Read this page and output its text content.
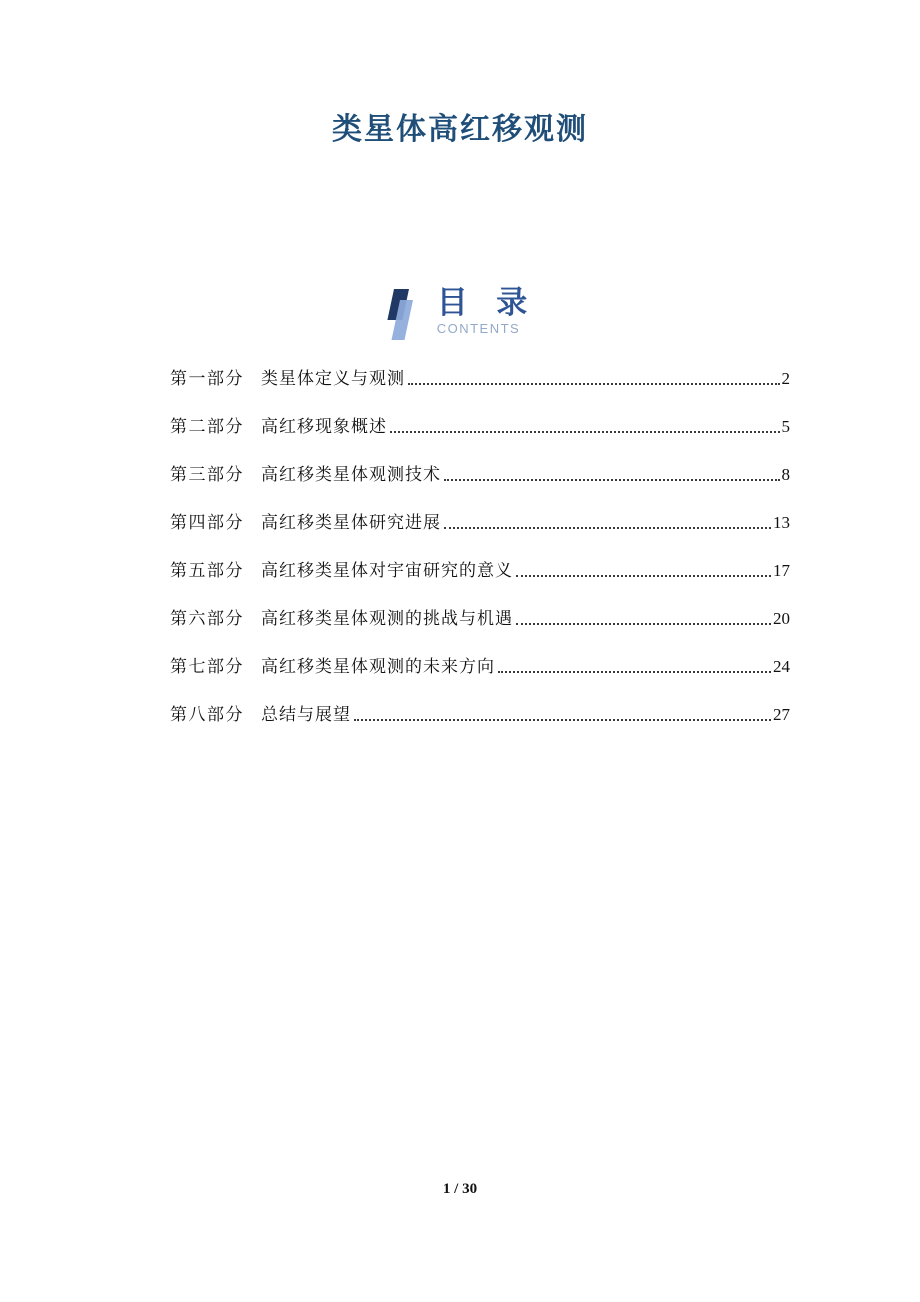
类星体高红移观测
目 录
CONTENTS
第一部分 类星体定义与观测	2
第二部分 高红移现象概述	5
第三部分 高红移类星体观测技术	8
第四部分 高红移类星体研究进展	13
第五部分 高红移类星体对宇宙研究的意义	17
第六部分 高红移类星体观测的挑战与机遇	20
第七部分 高红移类星体观测的未来方向	24
第八部分 总结与展望	27
1 / 30
